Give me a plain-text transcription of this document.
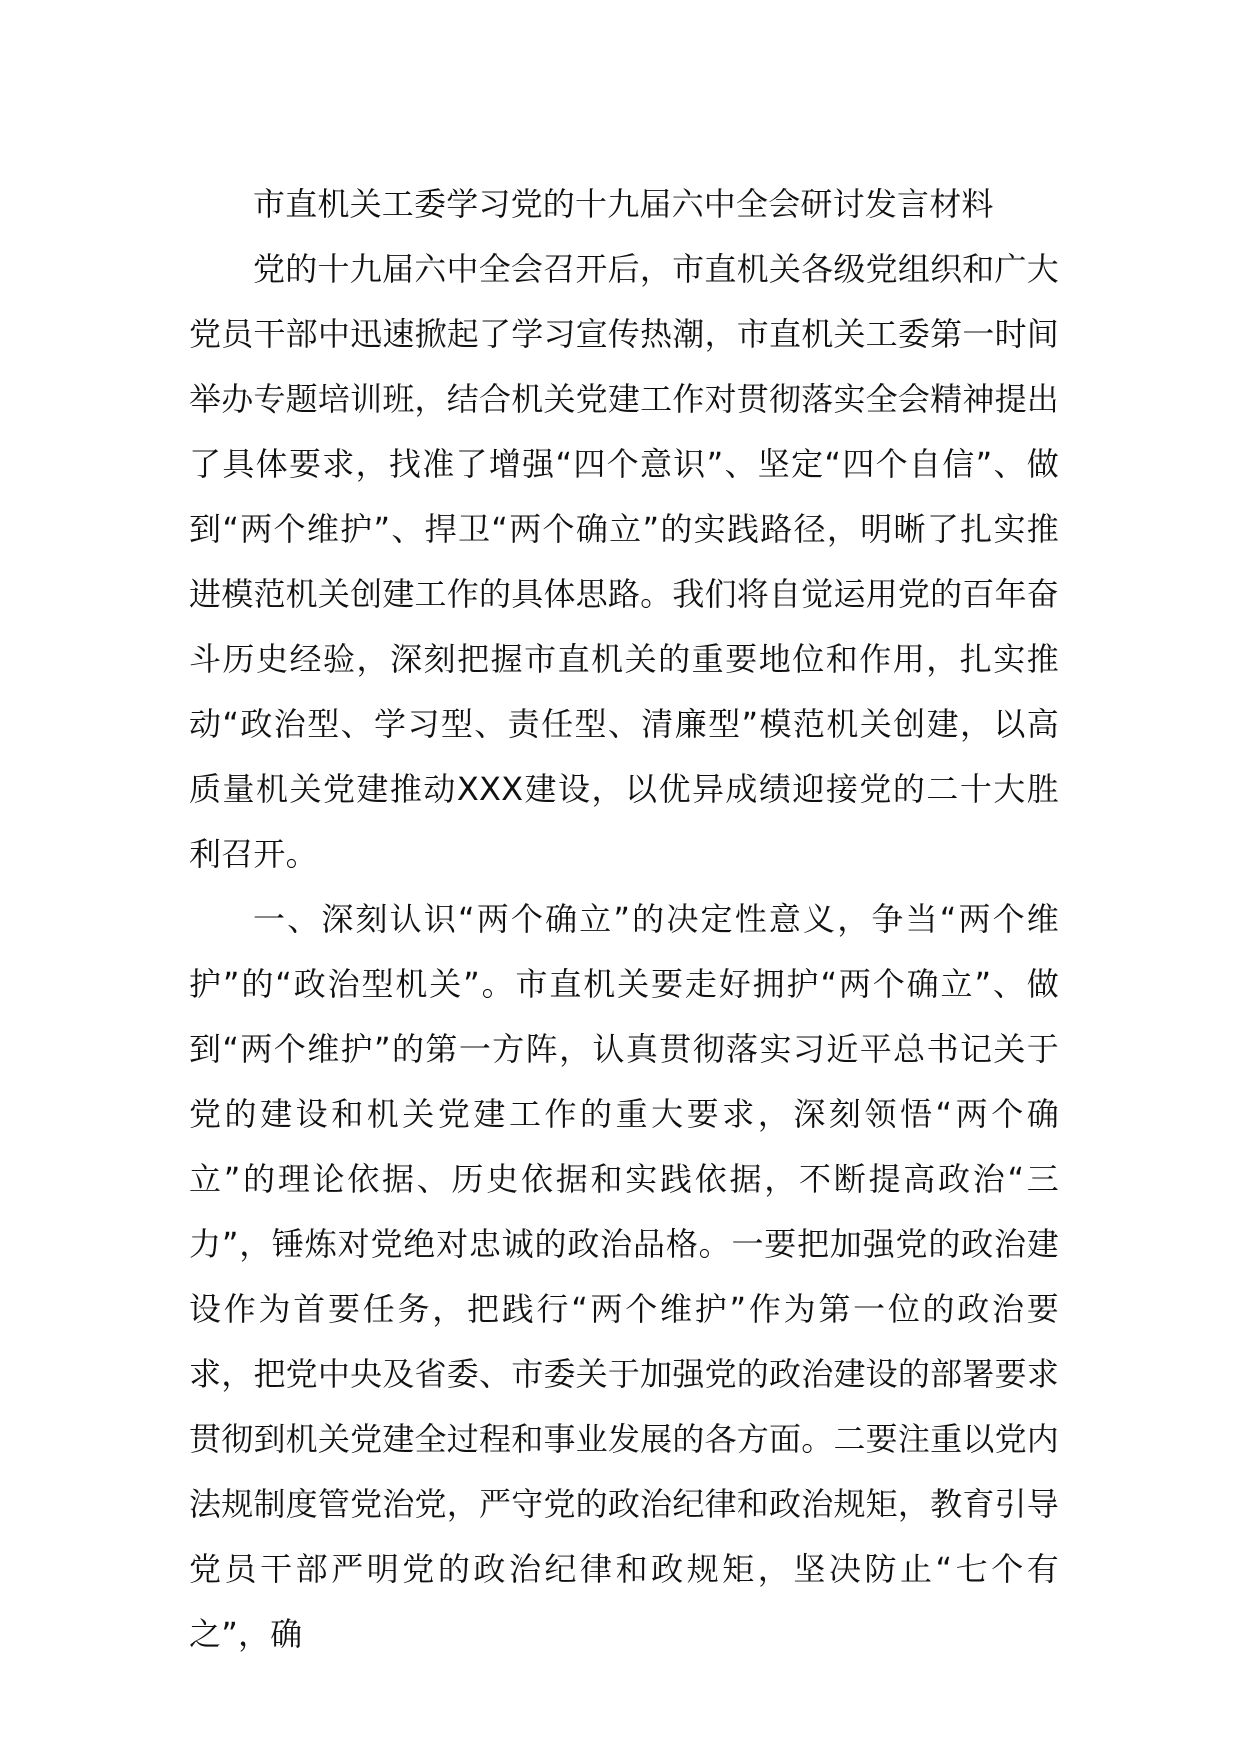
市直机关工委学习党的十九届六中全会研讨发言材料

党的十九届六中全会召开后，市直机关各级党组织和广大党员干部中迅速掀起了学习宣传热潮，市直机关工委第一时间举办专题培训班，结合机关党建工作对贯彻落实全会精神提出了具体要求，找准了增强“四个意识”、坚定“四个自信”、做到“两个维护”、捍卫“两个确立”的实践路径，明晰了扎实推进模范机关创建工作的具体思路。我们将自觉运用党的百年奋斗历史经验，深刻把握市直机关的重要地位和作用，扎实推动“政治型、学习型、责任型、清廉型”模范机关创建，以高质量机关党建推动XXX建设，以优异成绩迎接党的二十大胜利召开。

一、深刻认识“两个确立”的决定性意义，争当“两个维护”的“政治型机关”。市直机关要走好拥护“两个确立”、做到“两个维护”的第一方阵，认真贯彻落实习近平总书记关于党的建设和机关党建工作的重大要求，深刻领悟“两个确立”的理论依据、历史依据和实践依据，不断提高政治“三力”，锤炼对党绝对忠诚的政治品格。一要把加强党的政治建设作为首要任务，把践行“两个维护”作为第一位的政治要求，把党中央及省委、市委关于加强党的政治建设的部署要求贯彻到机关党建全过程和事业发展的各方面。二要注重以党内法规制度管党治党，严守党的政治纪律和政治规矩，教育引导党员干部严明党的政治纪律和政规矩，坚决防止“七个有之”，确
